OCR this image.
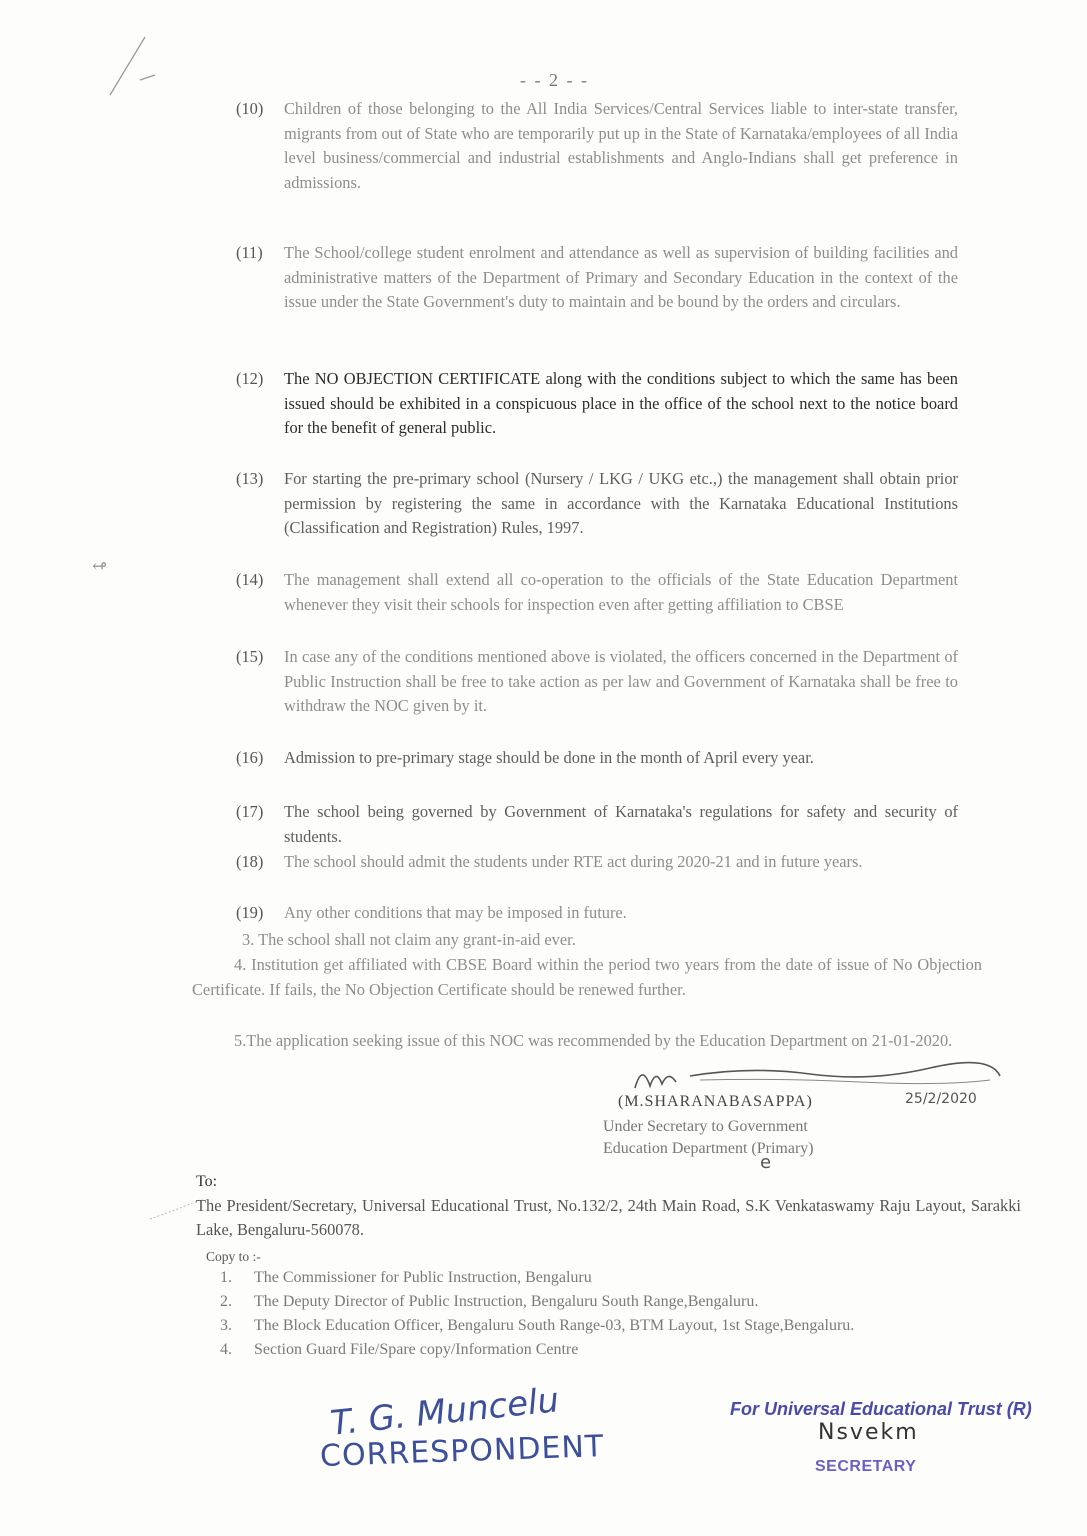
- - 2 - -
(10) Children of those belonging to the All India Services/Central Services liable to inter-state transfer, migrants from out of State who are temporarily put up in the State of Karnataka/employees of all India level business/commercial and industrial establishments and Anglo-Indians shall get preference in admissions.
(11) The School/college student enrolment and attendance as well as supervision of building facilities and administrative matters of the Department of Primary and Secondary Education in the context of the issue under the State Government's duty to maintain and be bound by the orders and circulars.
(12) The NO OBJECTION CERTIFICATE along with the conditions subject to which the same has been issued should be exhibited in a conspicuous place in the office of the school next to the notice board for the benefit of general public.
(13) For starting the pre-primary school (Nursery / LKG / UKG etc.,) the management shall obtain prior permission by registering the same in accordance with the Karnataka Educational Institutions (Classification and Registration) Rules, 1997.
(14) The management shall extend all co-operation to the officials of the State Education Department whenever they visit their schools for inspection even after getting affiliation to CBSE
(15) In case any of the conditions mentioned above is violated, the officers concerned in the Department of Public Instruction shall be free to take action as per law and Government of Karnataka shall be free to withdraw the NOC given by it.
(16) Admission to pre-primary stage should be done in the month of April every year.
(17) The school being governed by Government of Karnataka's regulations for safety and security of students.
(18) The school should admit the students under RTE act during 2020-21 and in future years.
(19) Any other conditions that may be imposed in future.
3. The school shall not claim any grant-in-aid ever.
4. Institution get affiliated with CBSE Board within the period two years from the date of issue of No Objection Certificate. If fails, the No Objection Certificate should be renewed further.
5.The application seeking issue of this NOC was recommended by the Education Department on 21-01-2020.
(M.SHARANABASAPPA)	25/2/2020
Under Secretary to Government
Education Department (Primary)
e
To:
The President/Secretary, Universal Educational Trust, No.132/2, 24th Main Road, S.K Venkataswamy Raju Layout, Sarakki Lake, Bengaluru-560078.
Copy to :-
1. The Commissioner for Public Instruction, Bengaluru
2. The Deputy Director of Public Instruction, Bengaluru South Range,Bengaluru.
3. The Block Education Officer, Bengaluru South Range-03, BTM Layout, 1st Stage,Bengaluru.
4. Section Guard File/Spare copy/Information Centre
For Universal Educational Trust (R)
T. G. Muncelu
CORRESPONDENT	Nsvekm
SECRETARY
↫
